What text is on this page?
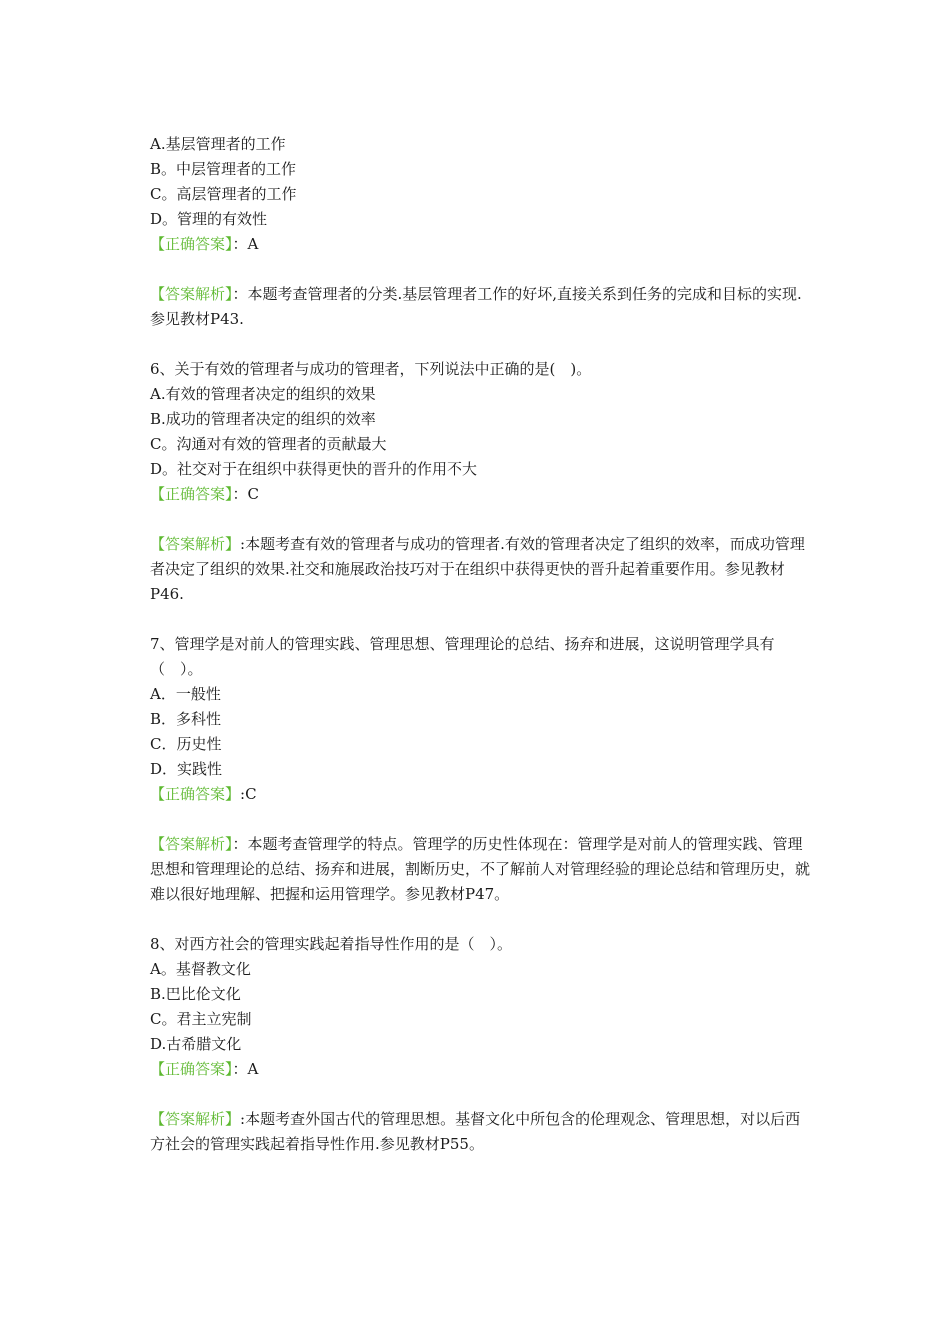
A.基层管理者的工作
B。中层管理者的工作
C。高层管理者的工作
D。管理的有效性
【正确答案】：A

【答案解析】：本题考查管理者的分类.基层管理者工作的好坏,直接关系到任务的完成和目标的实现.参见教材P43.

6、关于有效的管理者与成功的管理者，下列说法中正确的是(　)。
A.有效的管理者决定的组织的效果
B.成功的管理者决定的组织的效率
C。沟通对有效的管理者的贡献最大
D。社交对于在组织中获得更快的晋升的作用不大
【正确答案】：C

【答案解析】:本题考查有效的管理者与成功的管理者.有效的管理者决定了组织的效率，而成功管理者决定了组织的效果.社交和施展政治技巧对于在组织中获得更快的晋升起着重要作用。参见教材P46.

7、管理学是对前人的管理实践、管理思想、管理理论的总结、扬弃和进展，这说明管理学具有（　）。

A．一般性
B．多科性
C．历史性
D．实践性
【正确答案】:C

【答案解析】：本题考查管理学的特点。管理学的历史性体现在：管理学是对前人的管理实践、管理思想和管理理论的总结、扬弃和进展，割断历史，不了解前人对管理经验的理论总结和管理历史，就难以很好地理解、把握和运用管理学。参见教材P47。

8、对西方社会的管理实践起着指导性作用的是（　）。
A。基督教文化
B.巴比伦文化
C。君主立宪制
D.古希腊文化
【正确答案】：A

【答案解析】:本题考查外国古代的管理思想。基督文化中所包含的伦理观念、管理思想，对以后西方社会的管理实践起着指导性作用.参见教材P55。
